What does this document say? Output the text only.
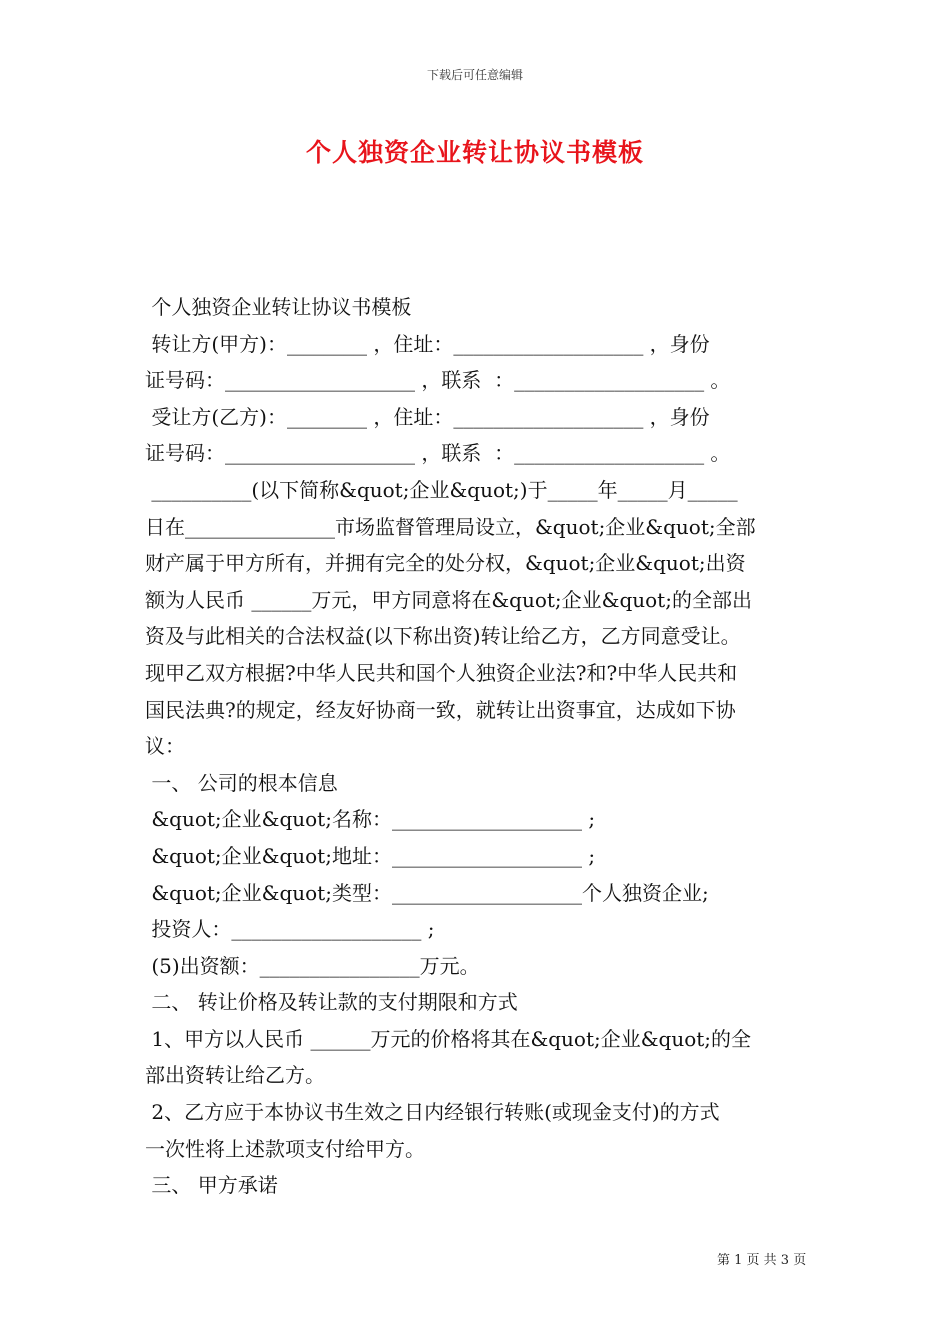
下载后可任意编辑
个人独资企业转让协议书模板
个人独资企业转让协议书模板
转让方(甲方)：________ ，住址：___________________ ，身份
证号码：___________________ ，联系  ：___________________ 。
受让方(乙方)：________ ，住址：___________________ ，身份
证号码：___________________ ，联系  ：___________________ 。
__________(以下简称&quot;企业&quot;)于_____年_____月_____
日在_______________市场监督管理局设立，&quot;企业&quot;全部
财产属于甲方所有，并拥有完全的处分权，&quot;企业&quot;出资
额为人民币 ______万元，甲方同意将在&quot;企业&quot;的全部出
资及与此相关的合法权益(以下称出资)转让给乙方，乙方同意受让。
现甲乙双方根据?中华人民共和国个人独资企业法?和?中华人民共和
国民法典?的规定，经友好协商一致，就转让出资事宜，达成如下协
议：
一、 公司的根本信息
&quot;企业&quot;名称：___________________ ;
&quot;企业&quot;地址：___________________ ;
&quot;企业&quot;类型：___________________个人独资企业;
投资人：___________________ ;
(5)出资额：________________万元。
二、 转让价格及转让款的支付期限和方式
1、甲方以人民币 ______万元的价格将其在&quot;企业&quot;的全
部出资转让给乙方。
2、乙方应于本协议书生效之日内经银行转账(或现金支付)的方式
一次性将上述款项支付给甲方。
三、 甲方承诺
第 1 页 共 3 页
